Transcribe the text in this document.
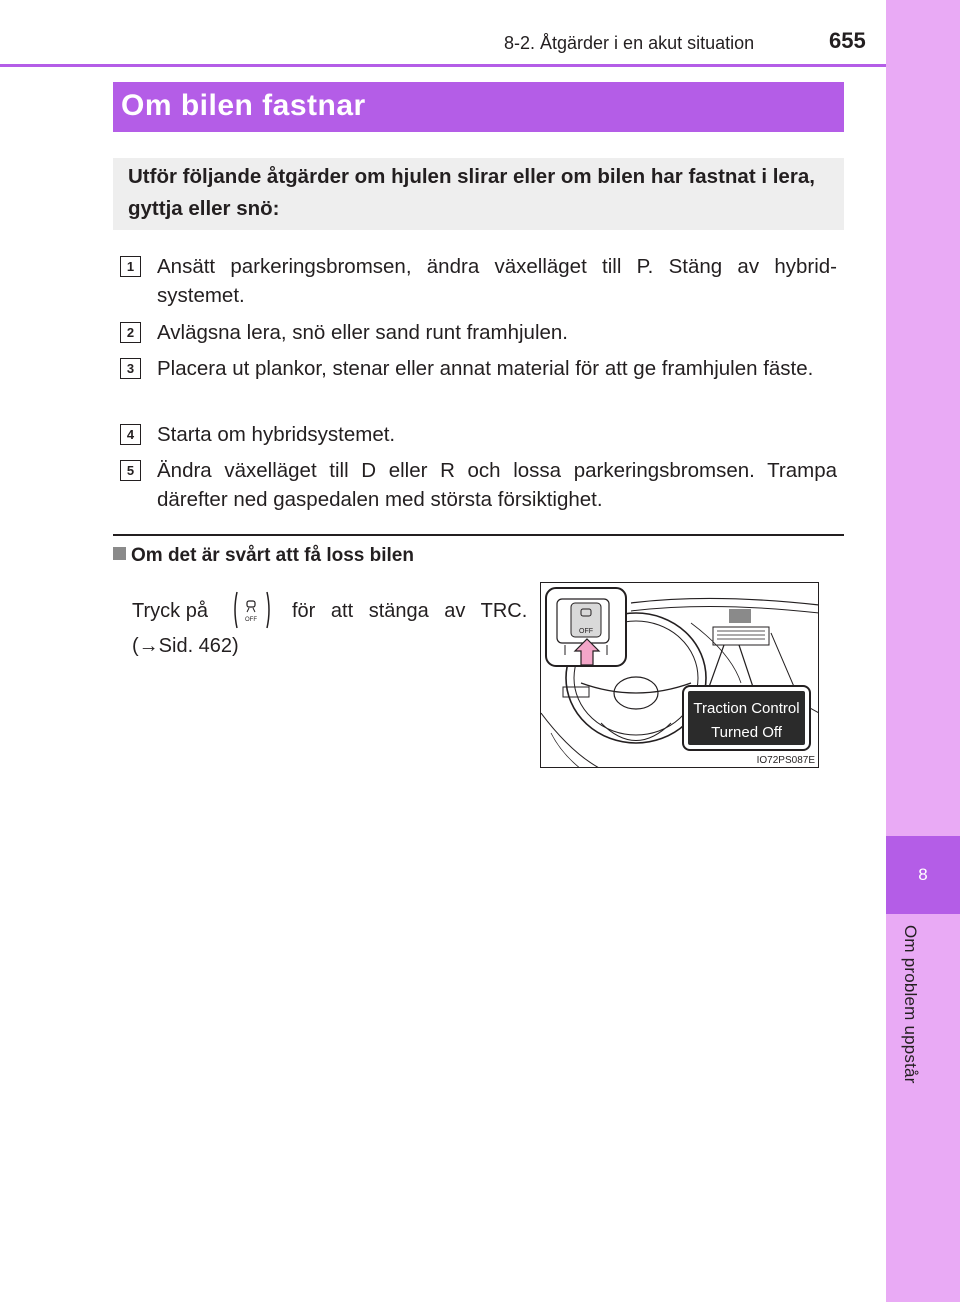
8
Om problem uppstår
8-2. Åtgärder i en akut situation	655
Om bilen fastnar
Utför följande åtgärder om hjulen slirar eller om bilen har fastnat i lera, gyttja eller snö:
1	Ansätt parkeringsbromsen, ändra växelläget till P. Stäng av hybrid-systemet.
2	Avlägsna lera, snö eller sand runt framhjulen.
3	Placera ut plankor, stenar eller annat material för att ge framhjulen fäste.
4	Starta om hybridsystemet.
5	Ändra växelläget till D eller R och lossa parkeringsbromsen. Trampa därefter ned gaspedalen med största försiktighet.
Om det är svårt att få loss bilen
Tryck på	OFF för att stänga av TRC.
(→Sid. 462)
OFF
Traction Control
Turned Off
IO72PS087E
